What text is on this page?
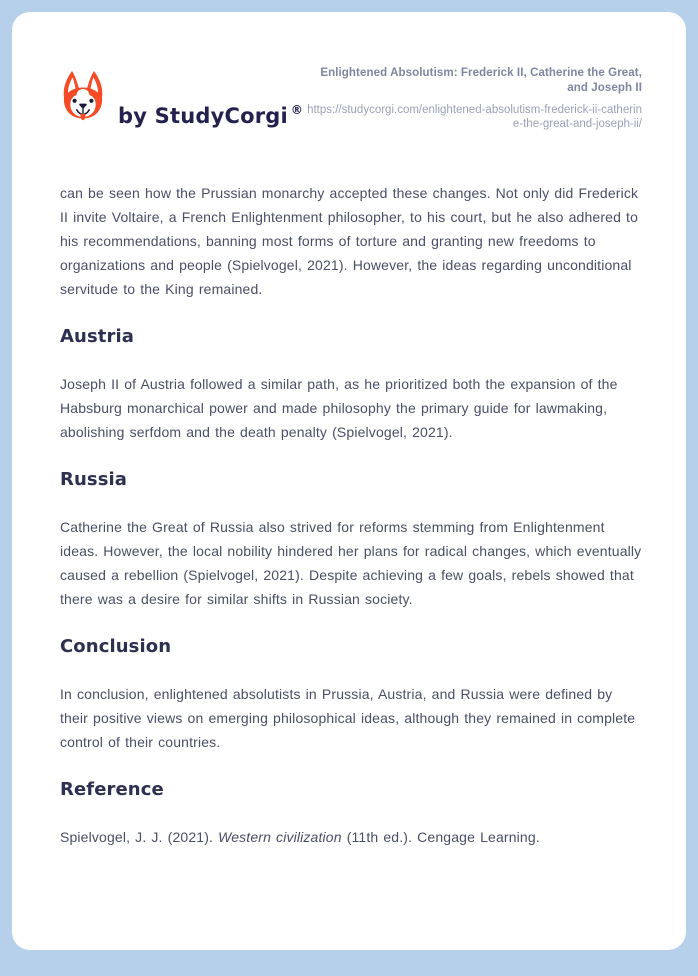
by StudyCorgi ®
Enlightened Absolutism: Frederick II, Catherine the Great, and Joseph II
https://studycorgi.com/enlightened-absolutism-frederick-ii-catherine-the-great-and-joseph-ii/

can be seen how the Prussian monarchy accepted these changes. Not only did Frederick II invite Voltaire, a French Enlightenment philosopher, to his court, but he also adhered to his recommendations, banning most forms of torture and granting new freedoms to organizations and people (Spielvogel, 2021). However, the ideas regarding unconditional servitude to the King remained.

Austria

Joseph II of Austria followed a similar path, as he prioritized both the expansion of the Habsburg monarchical power and made philosophy the primary guide for lawmaking, abolishing serfdom and the death penalty (Spielvogel, 2021).

Russia

Catherine the Great of Russia also strived for reforms stemming from Enlightenment ideas. However, the local nobility hindered her plans for radical changes, which eventually caused a rebellion (Spielvogel, 2021). Despite achieving a few goals, rebels showed that there was a desire for similar shifts in Russian society.

Conclusion

In conclusion, enlightened absolutists in Prussia, Austria, and Russia were defined by their positive views on emerging philosophical ideas, although they remained in complete control of their countries.

Reference

Spielvogel, J. J. (2021). Western civilization (11th ed.). Cengage Learning.
